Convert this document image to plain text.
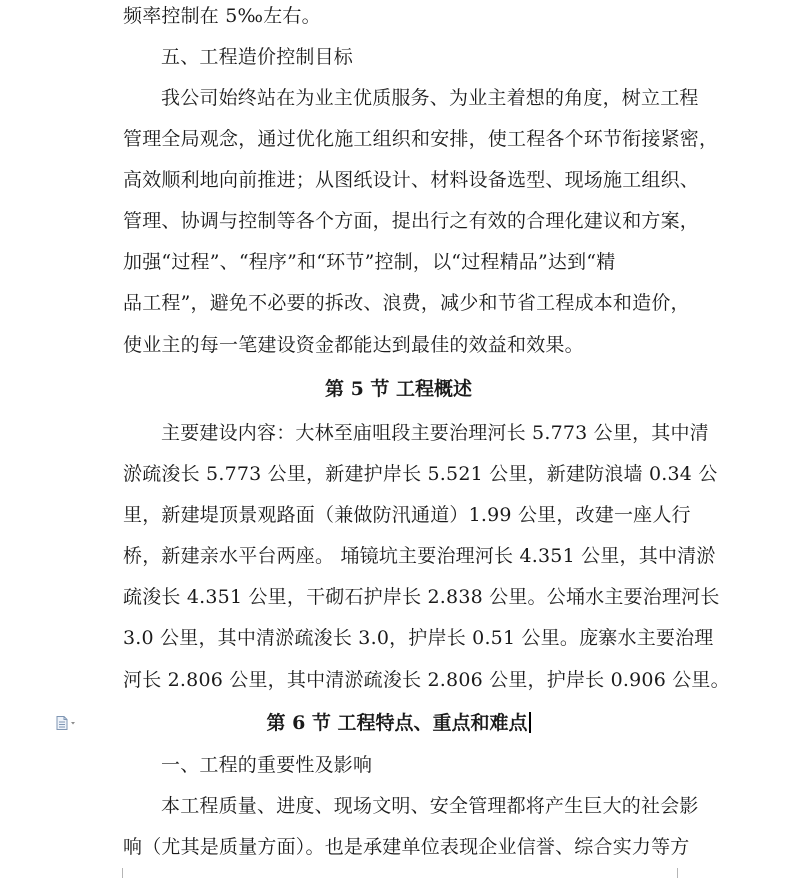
频率控制在 5‰左右。
五、工程造价控制目标
我公司始终站在为业主优质服务、为业主着想的角度，树立工程
管理全局观念，通过优化施工组织和安排，使工程各个环节衔接紧密，
高效顺利地向前推进；从图纸设计、材料设备选型、现场施工组织、
管理、协调与控制等各个方面，提出行之有效的合理化建议和方案，
加强“过程”、“程序”和“环节”控制，以“过程精品”达到“精
品工程”，避免不必要的拆改、浪费，减少和节省工程成本和造价，
使业主的每一笔建设资金都能达到最佳的效益和效果。
第 5 节 工程概述
主要建设内容：大林至庙咀段主要治理河长 5.773 公里，其中清
淤疏浚长 5.773 公里，新建护岸长 5.521 公里，新建防浪墙 0.34 公
里，新建堤顶景观路面（兼做防汛通道）1.99 公里，改建一座人行
桥，新建亲水平台两座。 埇镜坑主要治理河长 4.351 公里，其中清淤
疏浚长 4.351 公里，干砌石护岸长 2.838 公里。公埇水主要治理河长
3.0 公里，其中清淤疏浚长 3.0，护岸长 0.51 公里。庞寨水主要治理
河长 2.806 公里，其中清淤疏浚长 2.806 公里，护岸长 0.906 公里。
第 6 节 工程特点、重点和难点
一、工程的重要性及影响
本工程质量、进度、现场文明、安全管理都将产生巨大的社会影
响（尤其是质量方面）。也是承建单位表现企业信誉、综合实力等方
